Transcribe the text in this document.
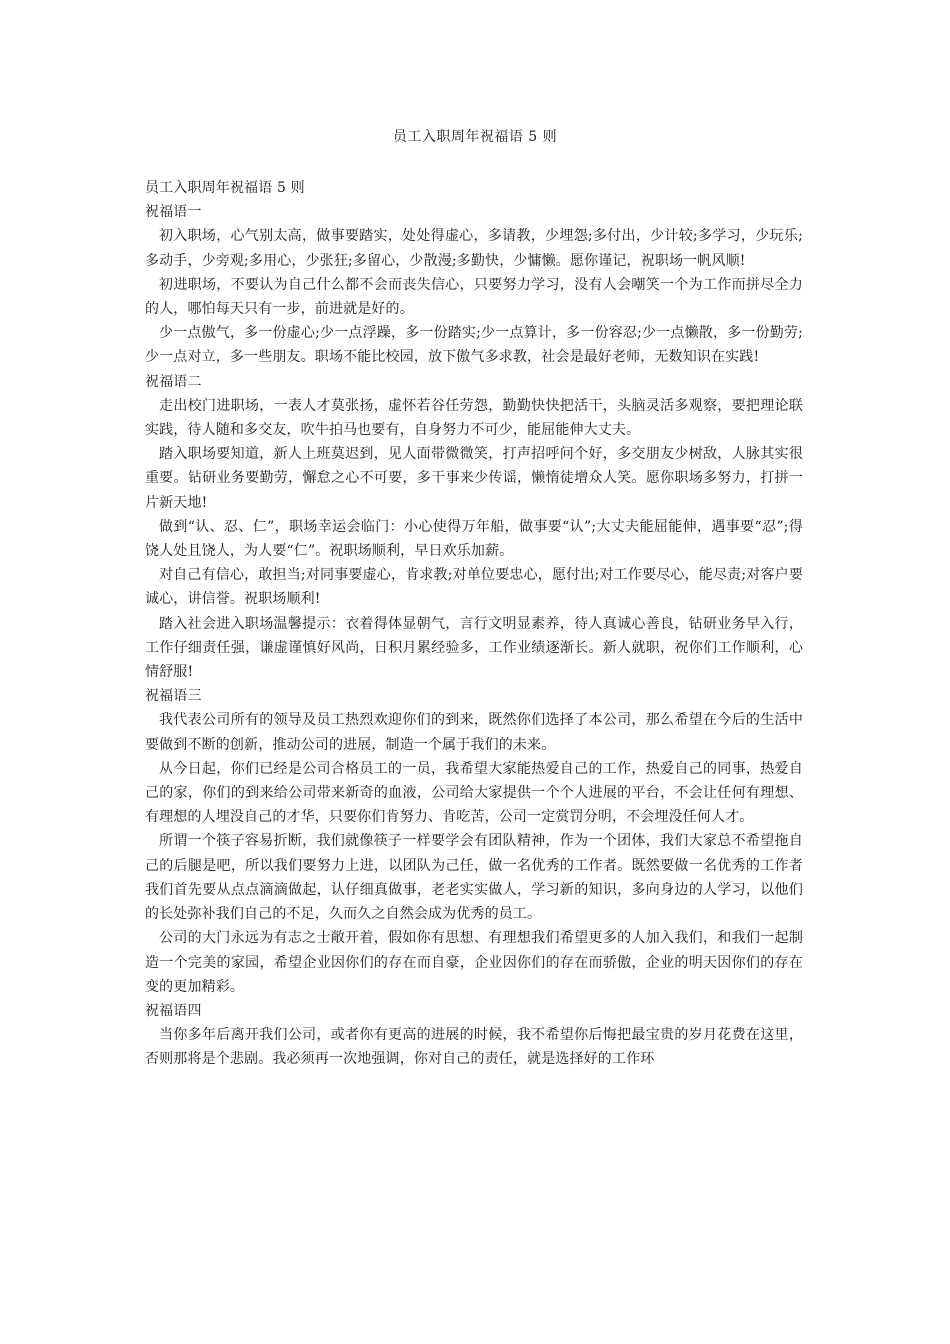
员工入职周年祝福语 5 则

员工入职周年祝福语 5 则

祝福语一

初入职场，心气别太高，做事要踏实，处处得虚心，多请教，少埋怨;多付出，少计较;多学习，少玩乐;多动手，少旁观;多用心，少张狂;多留心，少散漫;多勤快，少慵懒。愿你谨记，祝职场一帆风顺!

初进职场，不要认为自己什么都不会而丧失信心，只要努力学习，没有人会嘲笑一个为工作而拼尽全力的人，哪怕每天只有一步，前进就是好的。

少一点傲气，多一份虚心;少一点浮躁，多一份踏实;少一点算计，多一份容忍;少一点懒散，多一份勤劳;少一点对立，多一些朋友。职场不能比校园，放下傲气多求教，社会是最好老师，无数知识在实践!

祝福语二

走出校门进职场，一表人才莫张扬，虚怀若谷任劳怨，勤勤快快把活干，头脑灵活多观察，要把理论联实践，待人随和多交友，吹牛拍马也要有，自身努力不可少，能屈能伸大丈夫。

踏入职场要知道，新人上班莫迟到，见人面带微微笑，打声招呼问个好，多交朋友少树敌，人脉其实很重要。钻研业务要勤劳，懈怠之心不可要，多干事来少传谣，懒惰徒增众人笑。愿你职场多努力，打拼一片新天地!

做到“认、忍、仁”，职场幸运会临门：小心使得万年船，做事要“认”;大丈夫能屈能伸，遇事要“忍”;得饶人处且饶人，为人要“仁”。祝职场顺利，早日欢乐加薪。

对自己有信心，敢担当;对同事要虚心，肯求教;对单位要忠心，愿付出;对工作要尽心，能尽责;对客户要诚心，讲信誉。祝职场顺利!

踏入社会进入职场温馨提示：衣着得体显朝气，言行文明显素养，待人真诚心善良，钻研业务早入行，工作仔细责任强，谦虚谨慎好风尚，日积月累经验多，工作业绩逐渐长。新人就职，祝你们工作顺利，心情舒服!

祝福语三

我代表公司所有的领导及员工热烈欢迎你们的到来，既然你们选择了本公司，那么希望在今后的生活中要做到不断的创新，推动公司的进展，制造一个属于我们的未来。

从今日起，你们已经是公司合格员工的一员，我希望大家能热爱自己的工作，热爱自己的同事，热爱自己的家，你们的到来给公司带来新奇的血液，公司给大家提供一个个人进展的平台，不会让任何有理想、有理想的人埋没自己的才华，只要你们肯努力、肯吃苦，公司一定赏罚分明，不会埋没任何人才。

所谓一个筷子容易折断，我们就像筷子一样要学会有团队精神，作为一个团体，我们大家总不希望拖自己的后腿是吧，所以我们要努力上进，以团队为己任，做一名优秀的工作者。既然要做一名优秀的工作者我们首先要从点点滴滴做起，认仔细真做事，老老实实做人，学习新的知识，多向身边的人学习，以他们的长处弥补我们自己的不足，久而久之自然会成为优秀的员工。

公司的大门永远为有志之士敞开着，假如你有思想、有理想我们希望更多的人加入我们，和我们一起制造一个完美的家园，希望企业因你们的存在而自豪，企业因你们的存在而骄傲，企业的明天因你们的存在变的更加精彩。

祝福语四

当你多年后离开我们公司，或者你有更高的进展的时候，我不希望你后悔把最宝贵的岁月花费在这里，否则那将是个悲剧。我必须再一次地强调，你对自己的责任，就是选择好的工作环
